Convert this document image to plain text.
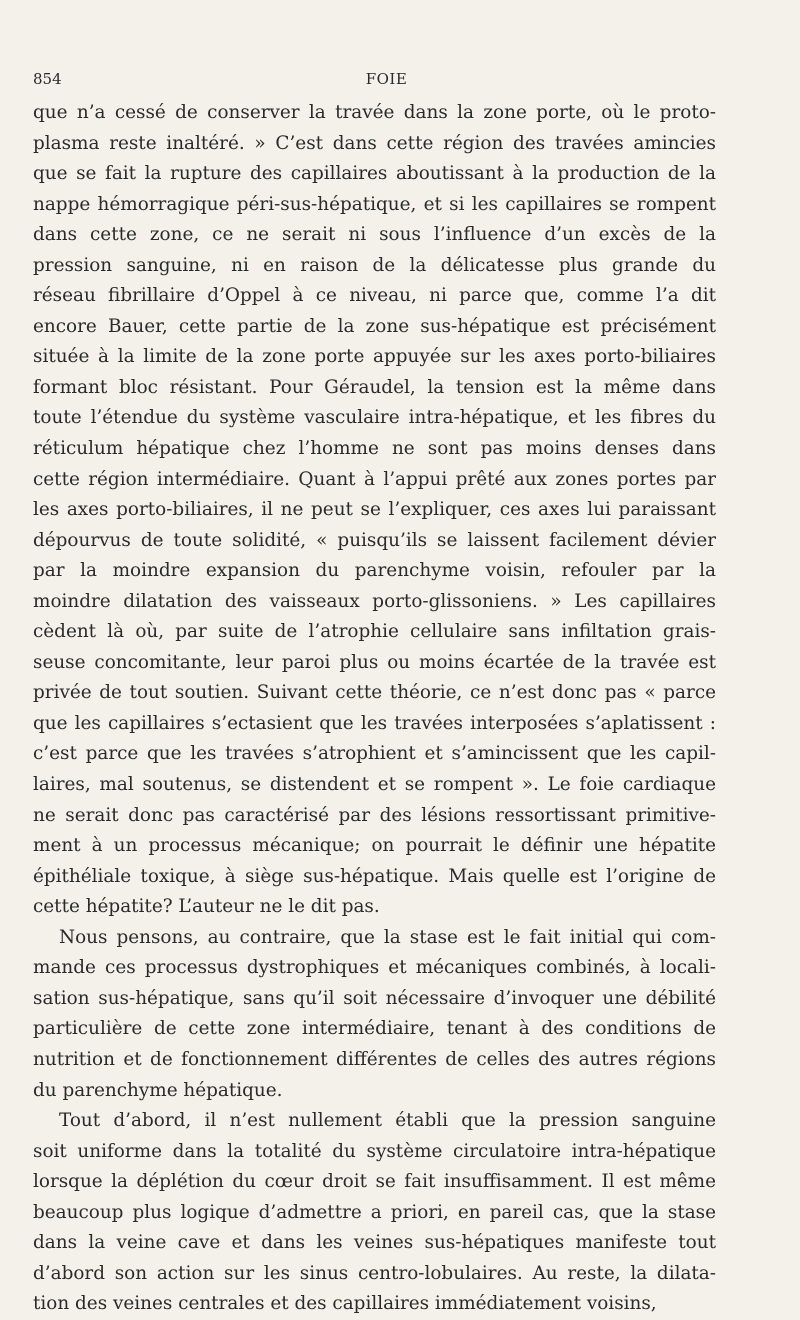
854	FOIE
que n’a cessé de conserver la travée dans la zone porte, où le proto-
plasma reste inaltéré. » C’est dans cette région des travées amincies
que se fait la rupture des capillaires aboutissant à la production de la
nappe hémorragique péri-sus-hépatique, et si les capillaires se rompent
dans cette zone, ce ne serait ni sous l’influence d’un excès de la
pression sanguine, ni en raison de la délicatesse plus grande du
réseau fibrillaire d’Oppel à ce niveau, ni parce que, comme l’a dit
encore Bauer, cette partie de la zone sus-hépatique est précisément
située à la limite de la zone porte appuyée sur les axes porto-biliaires
formant bloc résistant. Pour Géraudel, la tension est la même dans
toute l’étendue du système vasculaire intra-hépatique, et les fibres du
réticulum hépatique chez l’homme ne sont pas moins denses dans
cette région intermédiaire. Quant à l’appui prêté aux zones portes par
les axes porto-biliaires, il ne peut se l’expliquer, ces axes lui paraissant
dépourvus de toute solidité, « puisqu’ils se laissent facilement dévier
par la moindre expansion du parenchyme voisin, refouler par la
moindre dilatation des vaisseaux porto-glissoniens. » Les capillaires
cèdent là où, par suite de l’atrophie cellulaire sans infiltation grais-
seuse concomitante, leur paroi plus ou moins écartée de la travée est
privée de tout soutien. Suivant cette théorie, ce n’est donc pas « parce
que les capillaires s’ectasient que les travées interposées s’aplatissent :
c’est parce que les travées s’atrophient et s’amincissent que les capil-
laires, mal soutenus, se distendent et se rompent ». Le foie cardiaque
ne serait donc pas caractérisé par des lésions ressortissant primitive-
ment à un processus mécanique; on pourrait le définir une hépatite
épithéliale toxique, à siège sus-hépatique. Mais quelle est l’origine de
cette hépatite? L’auteur ne le dit pas.
Nous pensons, au contraire, que la stase est le fait initial qui com-
mande ces processus dystrophiques et mécaniques combinés, à locali-
sation sus-hépatique, sans qu’il soit nécessaire d’invoquer une débilité
particulière de cette zone intermédiaire, tenant à des conditions de
nutrition et de fonctionnement différentes de celles des autres régions
du parenchyme hépatique.
Tout d’abord, il n’est nullement établi que la pression sanguine
soit uniforme dans la totalité du système circulatoire intra-hépatique
lorsque la déplétion du cœur droit se fait insuffisamment. Il est même
beaucoup plus logique d’admettre a priori, en pareil cas, que la stase
dans la veine cave et dans les veines sus-hépatiques manifeste tout
d’abord son action sur les sinus centro-lobulaires. Au reste, la dilata-
tion des veines centrales et des capillaires immédiatement voisins,
